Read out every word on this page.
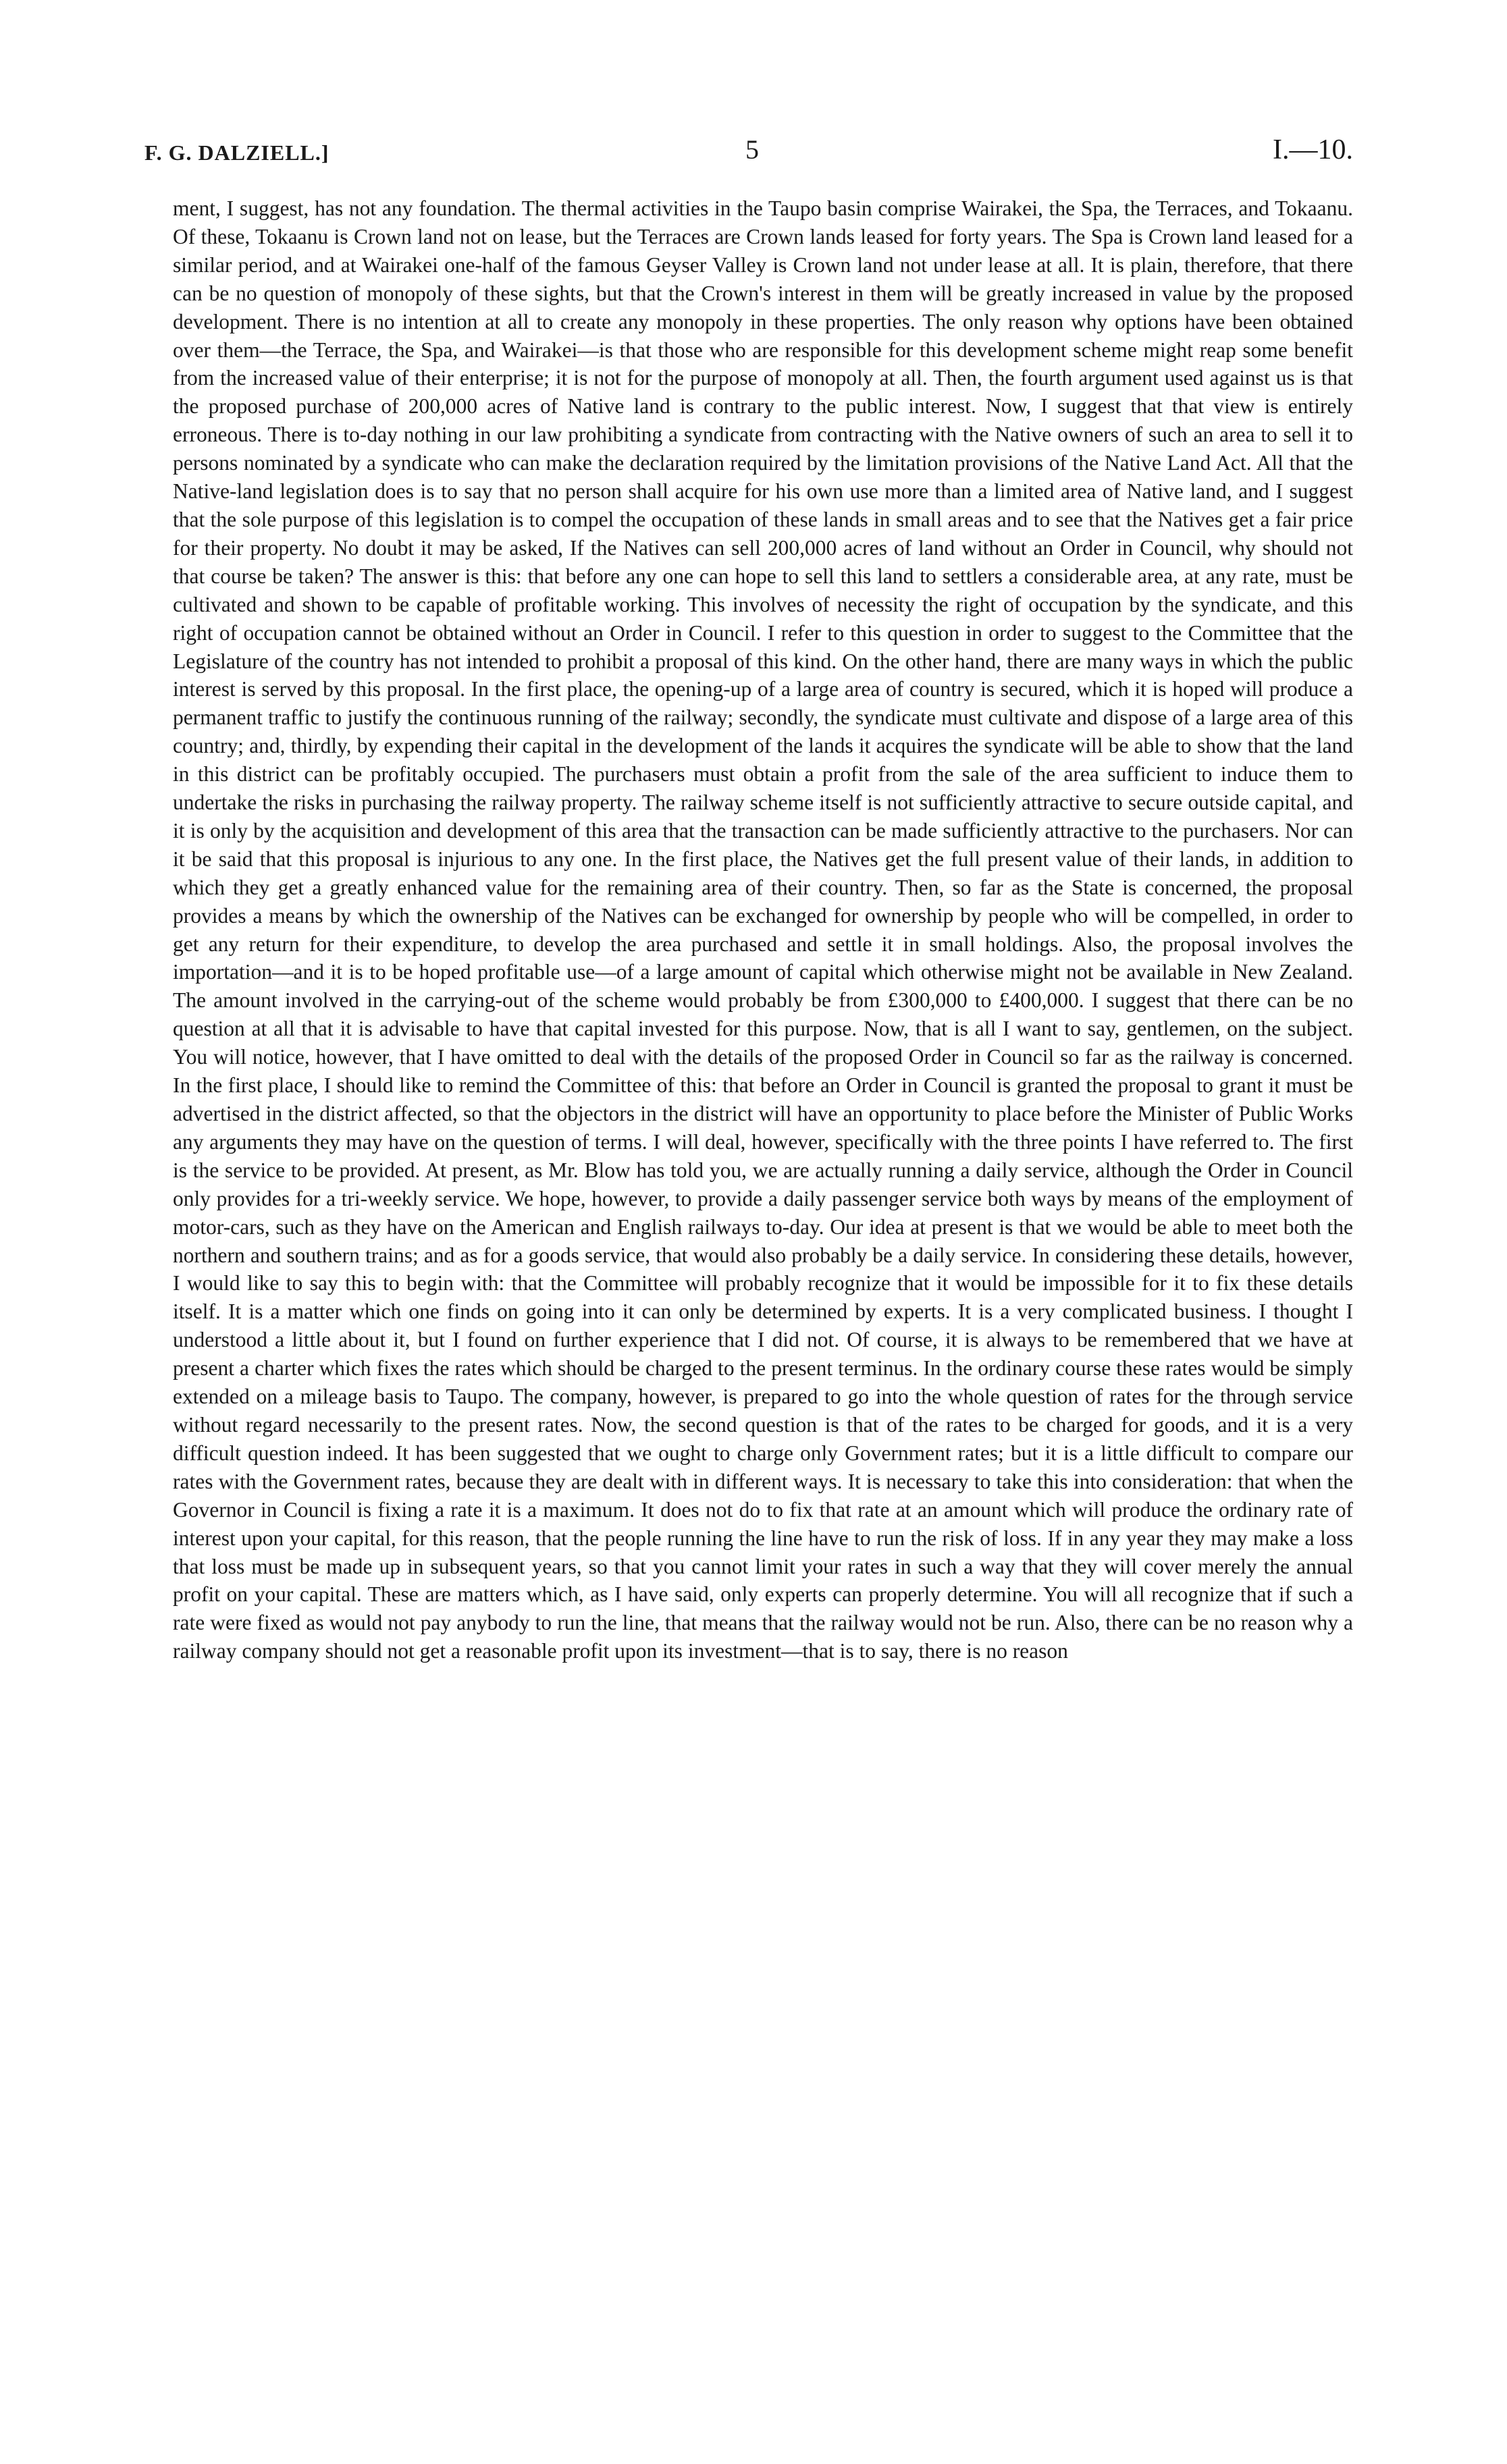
F. G. DALZIELL.]	5	I.—10.
ment, I suggest, has not any foundation. The thermal activities in the Taupo basin comprise Wairakei, the Spa, the Terraces, and Tokaanu. Of these, Tokaanu is Crown land not on lease, but the Terraces are Crown lands leased for forty years. The Spa is Crown land leased for a similar period, and at Wairakei one-half of the famous Geyser Valley is Crown land not under lease at all. It is plain, therefore, that there can be no question of monopoly of these sights, but that the Crown's interest in them will be greatly increased in value by the proposed development. There is no intention at all to create any monopoly in these properties. The only reason why options have been obtained over them—the Terrace, the Spa, and Wairakei—is that those who are responsible for this development scheme might reap some benefit from the increased value of their enterprise; it is not for the purpose of monopoly at all. Then, the fourth argument used against us is that the proposed purchase of 200,000 acres of Native land is contrary to the public interest. Now, I suggest that that view is entirely erroneous. There is to-day nothing in our law prohibiting a syndicate from contracting with the Native owners of such an area to sell it to persons nominated by a syndicate who can make the declaration required by the limitation provisions of the Native Land Act. All that the Native-land legislation does is to say that no person shall acquire for his own use more than a limited area of Native land, and I suggest that the sole purpose of this legislation is to compel the occupation of these lands in small areas and to see that the Natives get a fair price for their property. No doubt it may be asked, If the Natives can sell 200,000 acres of land without an Order in Council, why should not that course be taken? The answer is this: that before any one can hope to sell this land to settlers a considerable area, at any rate, must be cultivated and shown to be capable of profitable working. This involves of necessity the right of occupation by the syndicate, and this right of occupation cannot be obtained without an Order in Council. I refer to this question in order to suggest to the Committee that the Legislature of the country has not intended to prohibit a proposal of this kind. On the other hand, there are many ways in which the public interest is served by this proposal. In the first place, the opening-up of a large area of country is secured, which it is hoped will produce a permanent traffic to justify the continuous running of the railway; secondly, the syndicate must cultivate and dispose of a large area of this country; and, thirdly, by expending their capital in the development of the lands it acquires the syndicate will be able to show that the land in this district can be profitably occupied. The purchasers must obtain a profit from the sale of the area sufficient to induce them to undertake the risks in purchasing the railway property. The railway scheme itself is not sufficiently attractive to secure outside capital, and it is only by the acquisition and development of this area that the transaction can be made sufficiently attractive to the purchasers. Nor can it be said that this proposal is injurious to any one. In the first place, the Natives get the full present value of their lands, in addition to which they get a greatly enhanced value for the remaining area of their country. Then, so far as the State is concerned, the proposal provides a means by which the ownership of the Natives can be exchanged for ownership by people who will be compelled, in order to get any return for their expenditure, to develop the area purchased and settle it in small holdings. Also, the proposal involves the importation—and it is to be hoped profitable use—of a large amount of capital which otherwise might not be available in New Zealand. The amount involved in the carrying-out of the scheme would probably be from £300,000 to £400,000. I suggest that there can be no question at all that it is advisable to have that capital invested for this purpose. Now, that is all I want to say, gentlemen, on the subject. You will notice, however, that I have omitted to deal with the details of the proposed Order in Council so far as the railway is concerned. In the first place, I should like to remind the Committee of this: that before an Order in Council is granted the proposal to grant it must be advertised in the district affected, so that the objectors in the district will have an opportunity to place before the Minister of Public Works any arguments they may have on the question of terms. I will deal, however, specifically with the three points I have referred to. The first is the service to be provided. At present, as Mr. Blow has told you, we are actually running a daily service, although the Order in Council only provides for a tri-weekly service. We hope, however, to provide a daily passenger service both ways by means of the employment of motor-cars, such as they have on the American and English railways to-day. Our idea at present is that we would be able to meet both the northern and southern trains; and as for a goods service, that would also probably be a daily service. In considering these details, however, I would like to say this to begin with: that the Committee will probably recognize that it would be impossible for it to fix these details itself. It is a matter which one finds on going into it can only be determined by experts. It is a very complicated business. I thought I understood a little about it, but I found on further experience that I did not. Of course, it is always to be remembered that we have at present a charter which fixes the rates which should be charged to the present terminus. In the ordinary course these rates would be simply extended on a mileage basis to Taupo. The company, however, is prepared to go into the whole question of rates for the through service without regard necessarily to the present rates. Now, the second question is that of the rates to be charged for goods, and it is a very difficult question indeed. It has been suggested that we ought to charge only Government rates; but it is a little difficult to compare our rates with the Government rates, because they are dealt with in different ways. It is necessary to take this into consideration: that when the Governor in Council is fixing a rate it is a maximum. It does not do to fix that rate at an amount which will produce the ordinary rate of interest upon your capital, for this reason, that the people running the line have to run the risk of loss. If in any year they may make a loss that loss must be made up in subsequent years, so that you cannot limit your rates in such a way that they will cover merely the annual profit on your capital. These are matters which, as I have said, only experts can properly determine. You will all recognize that if such a rate were fixed as would not pay anybody to run the line, that means that the railway would not be run. Also, there can be no reason why a railway company should not get a reasonable profit upon its investment—that is to say, there is no reason
